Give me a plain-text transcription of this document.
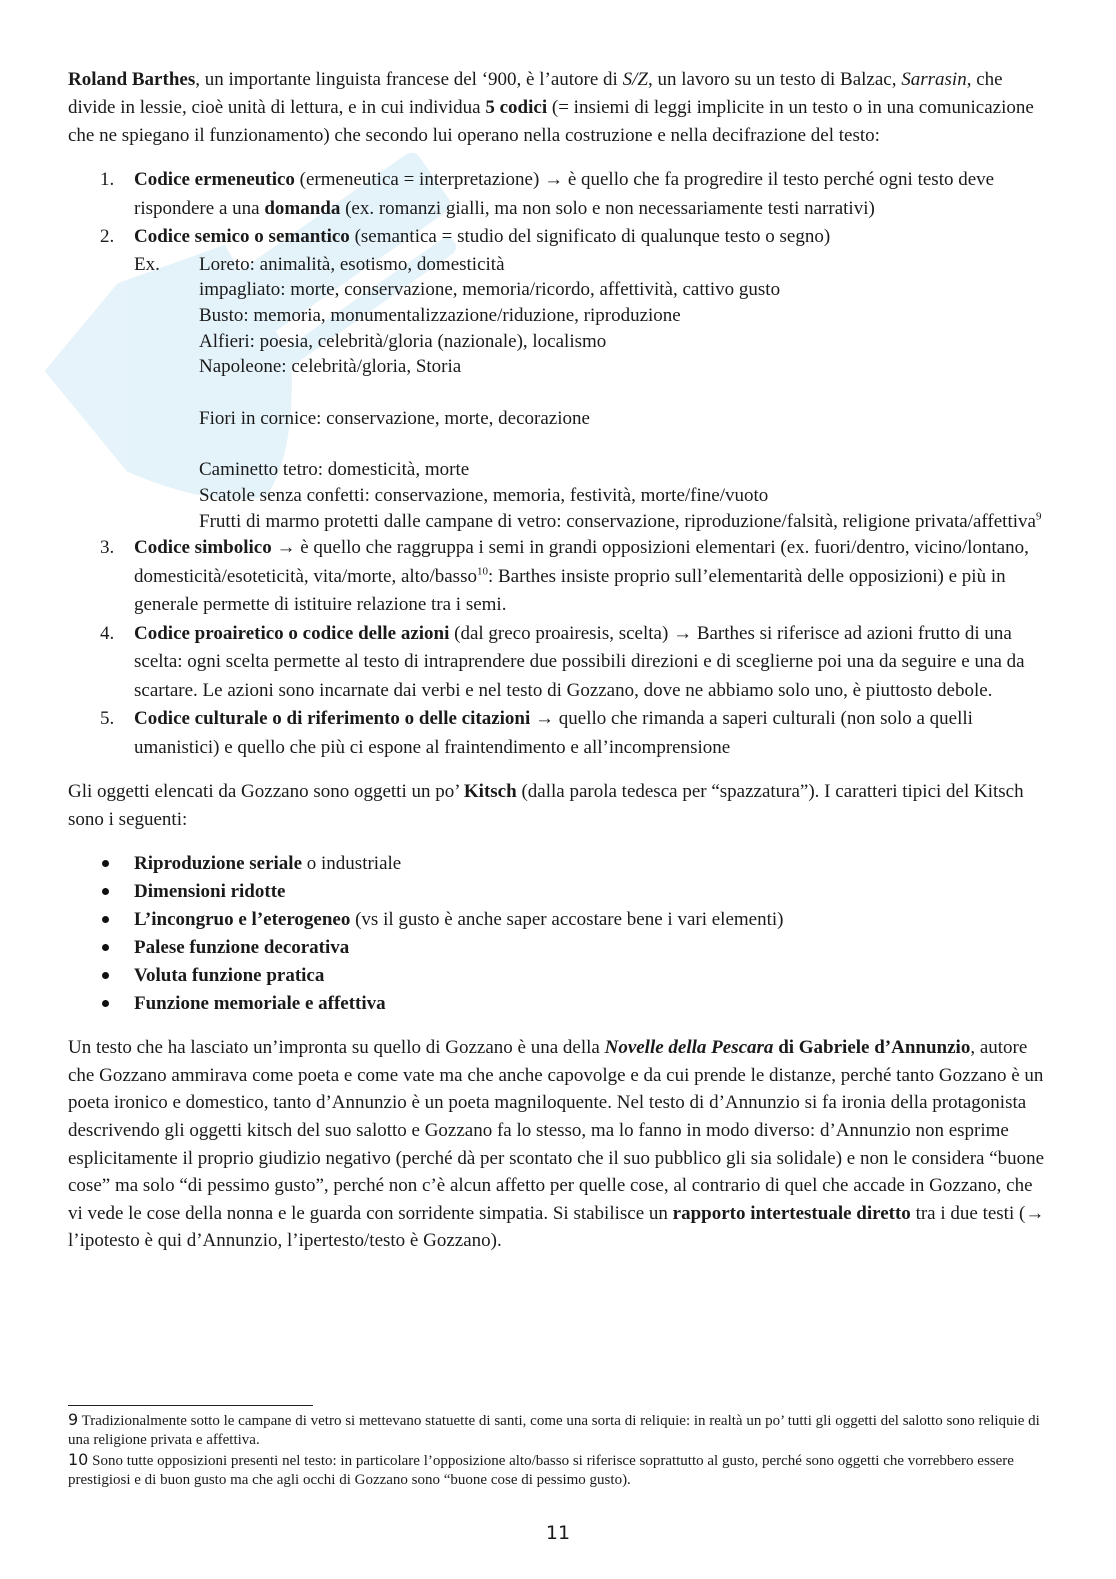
Roland Barthes, un importante linguista francese del ‘900, è l’autore di S/Z, un lavoro su un testo di Balzac, Sarrasin, che divide in lessie, cioè unità di lettura, e in cui individua 5 codici (= insiemi di leggi implicite in un testo o in una comunicazione che ne spiegano il funzionamento) che secondo lui operano nella costruzione e nella decifrazione del testo:

1. Codice ermeneutico (ermeneutica = interpretazione) → è quello che fa progredire il testo perché ogni testo deve rispondere a una domanda (ex. romanzi gialli, ma non solo e non necessariamente testi narrativi)
2. Codice semico o semantico (semantica = studio del significato di qualunque testo o segno)
Ex. Loreto: animalità, esotismo, domesticità
impagliato: morte, conservazione, memoria/ricordo, affettività, cattivo gusto
Busto: memoria, monumentalizzazione/riduzione, riproduzione
Alfieri: poesia, celebrità/gloria (nazionale), localismo
Napoleone: celebrità/gloria, Storia
Fiori in cornice: conservazione, morte, decorazione
Caminetto tetro: domesticità, morte
Scatole senza confetti: conservazione, memoria, festività, morte/fine/vuoto
Frutti di marmo protetti dalle campane di vetro: conservazione, riproduzione/falsità, religione privata/affettiva$^9$
3. Codice simbolico → è quello che raggruppa i semi in grandi opposizioni elementari (ex. fuori/dentro, vicino/lontano, domesticità/esoteticità, vita/morte, alto/basso$^{10}$: Barthes insiste proprio sull’elementarità delle opposizioni) e più in generale permette di istituire relazione tra i semi.
4. Codice proairetico o codice delle azioni (dal greco proairesis, scelta) → Barthes si riferisce ad azioni frutto di una scelta: ogni scelta permette al testo di intraprendere due possibili direzioni e di sceglierne poi una da seguire e una da scartare. Le azioni sono incarnate dai verbi e nel testo di Gozzano, dove ne abbiamo solo uno, è piuttosto debole.
5. Codice culturale o di riferimento o delle citazioni → quello che rimanda a saperi culturali (non solo a quelli umanistici) e quello che più ci espone al fraintendimento e all’incomprensione

Gli oggetti elencati da Gozzano sono oggetti un po’ Kitsch (dalla parola tedesca per “spazzatura”). I caratteri tipici del Kitsch sono i seguenti:

Riproduzione seriale o industriale
Dimensioni ridotte
L’incongruo e l’eterogeneo (vs il gusto è anche saper accostare bene i vari elementi)
Palese funzione decorativa
Voluta funzione pratica
Funzione memoriale e affettiva

Un testo che ha lasciato un’impronta su quello di Gozzano è una della Novelle della Pescara di Gabriele d’Annunzio, autore che Gozzano ammirava come poeta e come vate ma che anche capovolge e da cui prende le distanze, perché tanto Gozzano è un poeta ironico e domestico, tanto d’Annunzio è un poeta magniloquente. Nel testo di d’Annunzio si fa ironia della protagonista descrivendo gli oggetti kitsch del suo salotto e Gozzano fa lo stesso, ma lo fanno in modo diverso: d’Annunzio non esprime esplicitamente il proprio giudizio negativo (perché dà per scontato che il suo pubblico gli sia solidale) e non le considera “buone cose” ma solo “di pessimo gusto”, perché non c’è alcun affetto per quelle cose, al contrario di quel che accade in Gozzano, che vi vede le cose della nonna e le guarda con sorridente simpatia. Si stabilisce un rapporto intertestuale diretto tra i due testi (→ l’ipotesto è qui d’Annunzio, l’ipertesto/testo è Gozzano).

9 Tradizionalmente sotto le campane di vetro si mettevano statuette di santi, come una sorta di reliquie: in realtà un po’ tutti gli oggetti del salotto sono reliquie di una religione privata e affettiva.
10 Sono tutte opposizioni presenti nel testo: in particolare l’opposizione alto/basso si riferisce soprattutto al gusto, perché sono oggetti che vorrebbero essere prestigiosi e di buon gusto ma che agli occhi di Gozzano sono “buone cose di pessimo gusto).
11
